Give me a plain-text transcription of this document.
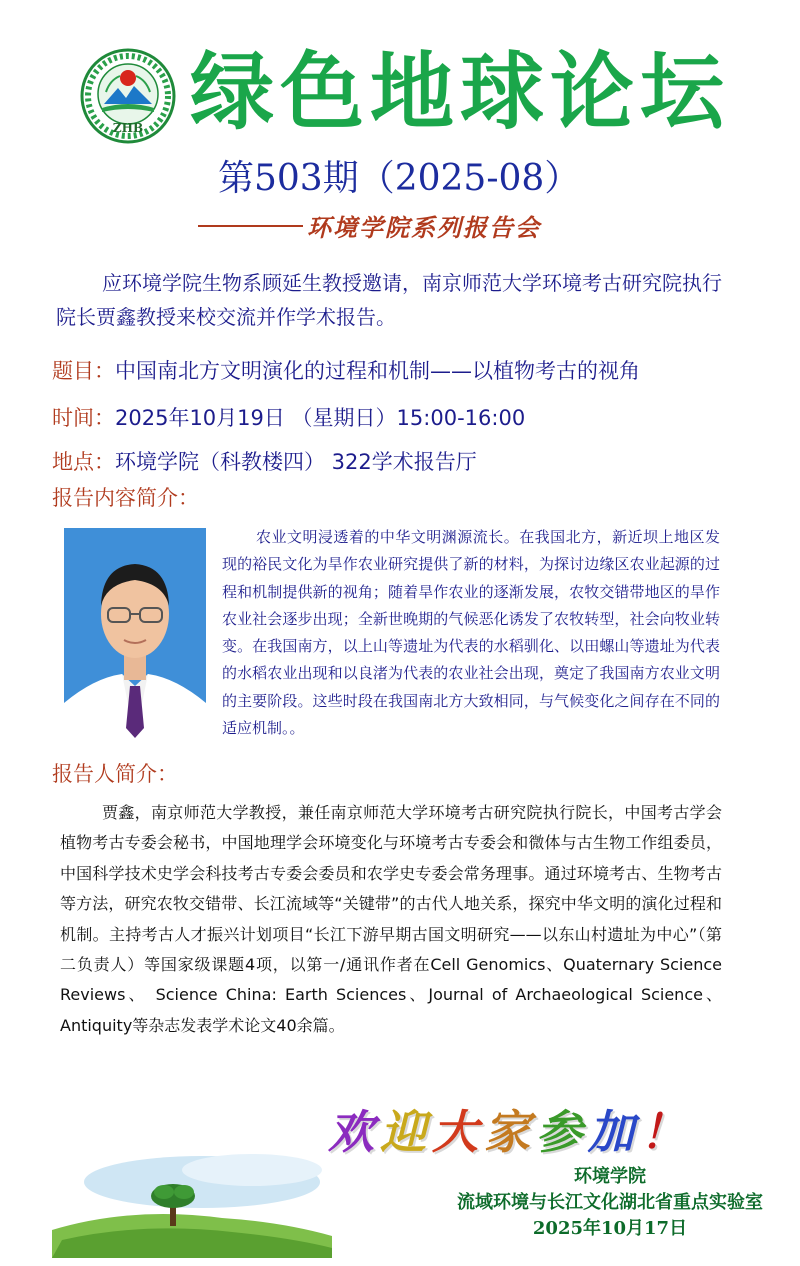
ZHB 绿色地球论坛
第503期（2025-08）
环境学院系列报告会
应环境学院生物系顾延生教授邀请，南京师范大学环境考古研究院执行院长贾鑫教授来校交流并作学术报告。
题目：中国南北方文明演化的过程和机制——以植物考古的视角
时间：2025年10月19日 （星期日）15:00-16:00
地点：环境学院（科教楼四） 322学术报告厅
报告内容简介：
农业文明浸透着的中华文明渊源流长。在我国北方，新近坝上地区发现的裕民文化为旱作农业研究提供了新的材料，为探讨边缘区农业起源的过程和机制提供新的视角；随着旱作农业的逐渐发展，农牧交错带地区的旱作农业社会逐步出现；全新世晚期的气候恶化诱发了农牧转型，社会向牧业转变。在我国南方，以上山等遗址为代表的水稻驯化、以田螺山等遗址为代表的水稻农业出现和以良渚为代表的农业社会出现，奠定了我国南方农业文明的主要阶段。这些时段在我国南北方大致相同，与气候变化之间存在不同的适应机制。。
报告人简介：
贾鑫，南京师范大学教授，兼任南京师范大学环境考古研究院执行院长，中国考古学会植物考古专委会秘书，中国地理学会环境变化与环境考古专委会和微体与古生物工作组委员，中国科学技术史学会科技考古专委会委员和农学史专委会常务理事。通过环境考古、生物考古等方法，研究农牧交错带、长江流域等“关键带”的古代人地关系，探究中华文明的演化过程和机制。主持考古人才振兴计划项目“长江下游早期古国文明研究——以东山村遗址为中心”（第二负责人）等国家级课题4项，以第一/通讯作者在Cell Genomics、Quaternary Science Reviews、 Science China: Earth Sciences、Journal of Archaeological Science、Antiquity等杂志发表学术论文40余篇。
欢迎大家参加！
环境学院
流域环境与长江文化湖北省重点实验室
2025年10月17日
